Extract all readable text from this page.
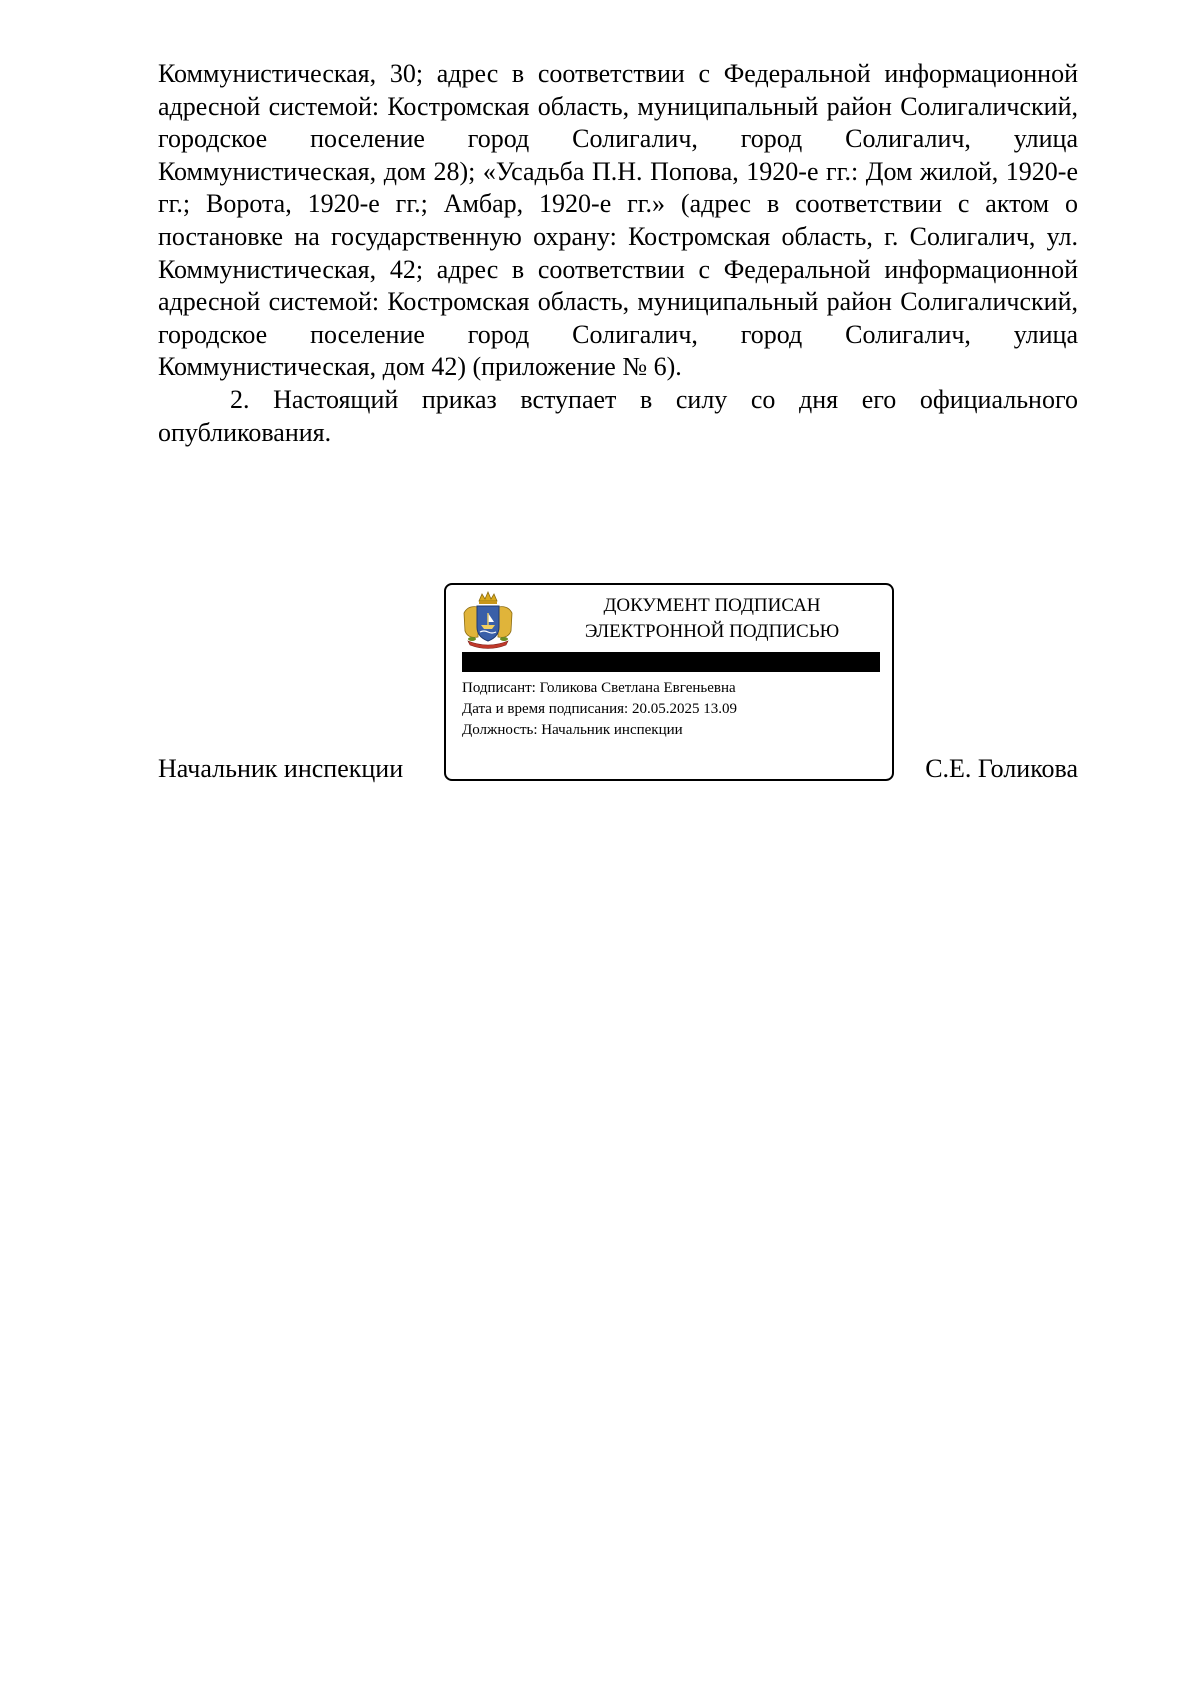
Коммунистическая, 30; адрес в соответствии с Федеральной информационной адресной системой: Костромская область, муниципальный район Солигаличский, городское поселение город Солигалич, город Солигалич, улица Коммунистическая, дом 28); «Усадьба П.Н. Попова, 1920-е гг.: Дом жилой, 1920-е гг.; Ворота, 1920-е гг.; Амбар, 1920-е гг.» (адрес в соответствии с актом о постановке на государственную охрану: Костромская область, г. Солигалич, ул. Коммунистическая, 42; адрес в соответствии с Федеральной информационной адресной системой: Костромская область, муниципальный район Солигаличский, городское поселение город Солигалич, город Солигалич, улица Коммунистическая, дом 42) (приложение № 6).

2. Настоящий приказ вступает в силу со дня его официального опубликования.

Начальник инспекции
ДОКУМЕНТ ПОДПИСАН
ЭЛЕКТРОННОЙ ПОДПИСЬЮ
Подписант: Голикова Светлана Евгеньевна
Дата и время подписания: 20.05.2025 13.09
Должность: Начальник инспекции
С.Е. Голикова
